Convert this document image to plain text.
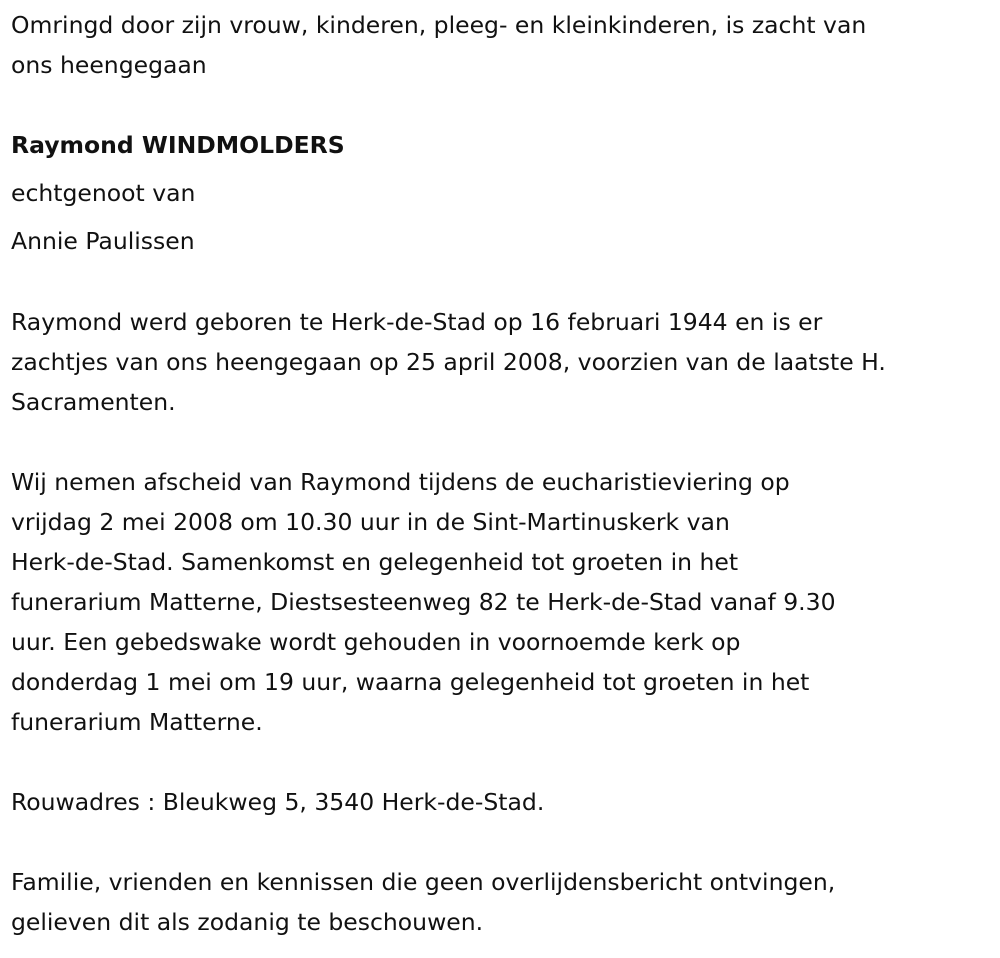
Omringd door zijn vrouw, kinderen, pleeg- en kleinkinderen, is zacht van
ons heengegaan

Raymond WINDMOLDERS
echtgenoot van
Annie Paulissen

Raymond werd geboren te Herk-de-Stad op 16 februari 1944 en is er
zachtjes van ons heengegaan op 25 april 2008, voorzien van de laatste H.
Sacramenten.

Wij nemen afscheid van Raymond tijdens de eucharistieviering op
vrijdag 2 mei 2008 om 10.30 uur in de Sint-Martinuskerk van
Herk-de-Stad. Samenkomst en gelegenheid tot groeten in het
funerarium Matterne, Diestsesteenweg 82 te Herk-de-Stad vanaf 9.30
uur. Een gebedswake wordt gehouden in voornoemde kerk op
donderdag 1 mei om 19 uur, waarna gelegenheid tot groeten in het
funerarium Matterne.

Rouwadres : Bleukweg 5, 3540 Herk-de-Stad.

Familie, vrienden en kennissen die geen overlijdensbericht ontvingen,
gelieven dit als zodanig te beschouwen.
